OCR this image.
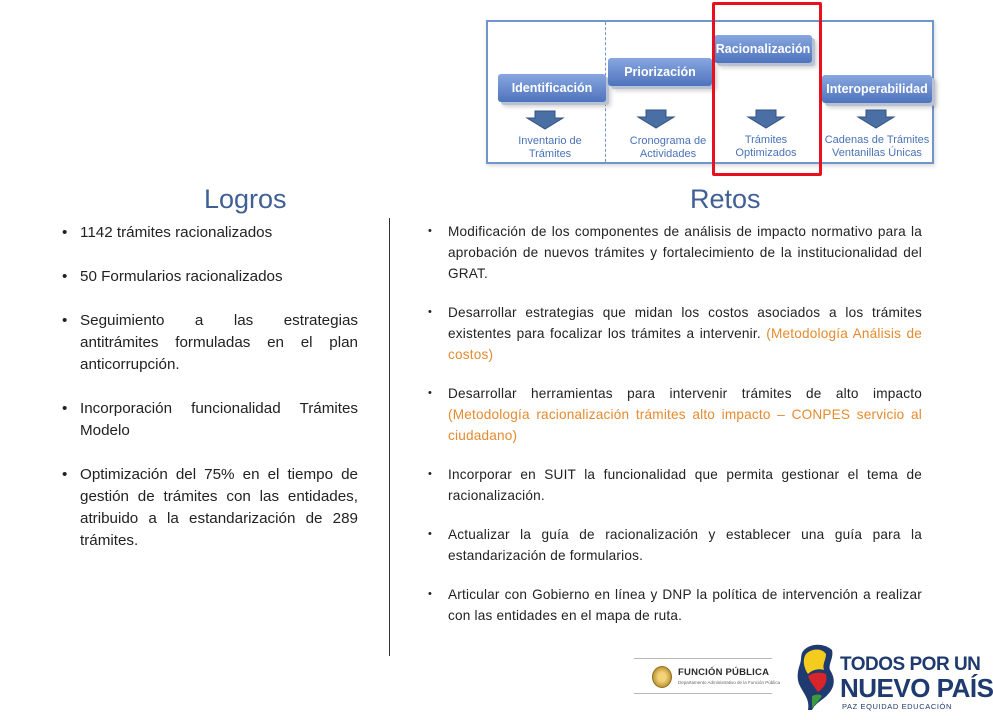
Identificación
Priorización
Racionalización
Interoperabilidad
Inventario de
Trámites
Cronograma de
Actividades
Trámites
Optimizados
Cadenas de Trámites
Ventanillas Únicas
Logros	Retos
• 1142 trámites racionalizados
• 50 Formularios racionalizados
• Seguimiento a las estrategias antitrámites formuladas en el plan anticorrupción.
• Incorporación funcionalidad Trámites Modelo
• Optimización del 75% en el tiempo de gestión de trámites con las entidades, atribuido a la estandarización de 289 trámites.
• Modificación de los componentes de análisis de impacto normativo para la aprobación de nuevos trámites y fortalecimiento de la institucionalidad del GRAT.
• Desarrollar estrategias que midan los costos asociados a los trámites existentes para focalizar los trámites a intervenir. (Metodología Análisis de costos)
• Desarrollar herramientas para intervenir trámites de alto impacto (Metodología racionalización trámites alto impacto – CONPES servicio al ciudadano)
• Incorporar en SUIT la funcionalidad que permita gestionar el tema de racionalización.
• Actualizar la guía de racionalización y establecer una guía para la estandarización de formularios.
• Articular con Gobierno en línea y DNP la política de intervención a realizar con las entidades en el mapa de ruta.
FUNCIÓN PÚBLICA
Departamento Administrativo de la Función Pública
TODOS POR UN
NUEVO PAÍS
PAZ EQUIDAD EDUCACIÓN
